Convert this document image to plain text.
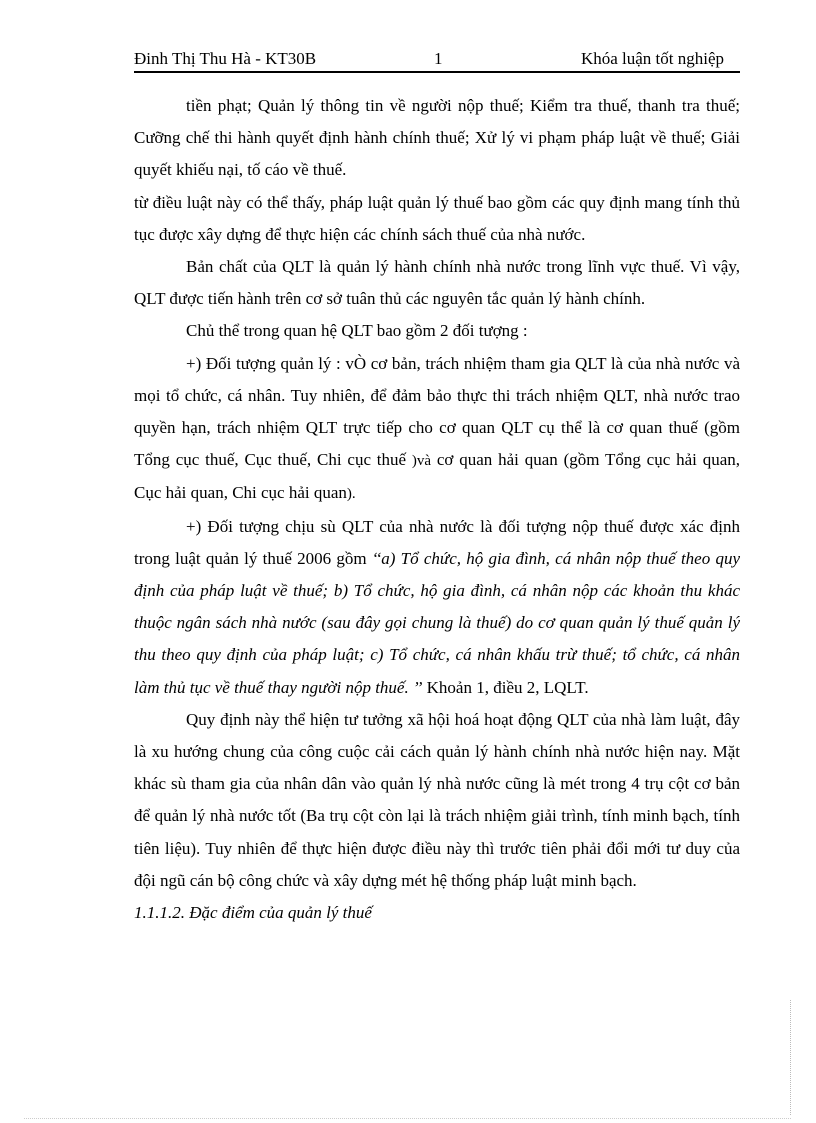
Đinh Thị Thu Hà - KT30B	1	Khóa luận tốt nghiệp

tiền phạt; Quản lý thông tin về người nộp thuế; Kiểm tra thuế, thanh tra thuế; Cưỡng chế thi hành quyết định hành chính thuế; Xử lý vi phạm pháp luật về thuế; Giải quyết khiếu nại, tố cáo về thuế.

từ điều luật này có thể thấy, pháp luật quản lý thuế bao gồm các quy định mang tính thủ tục được xây dựng để thực hiện các chính sách thuế của nhà nước.

Bản chất của QLT là quản lý hành chính nhà nước trong lĩnh vực thuế. Vì vậy, QLT được tiến hành trên cơ sở tuân thủ các nguyên tắc quản lý hành chính.

Chủ thể trong quan hệ QLT bao gồm 2 đối tượng :

+) Đối tượng quản lý : vÒ cơ bản, trách nhiệm tham gia QLT là của nhà nước và mọi tổ chức, cá nhân. Tuy nhiên, để đảm bảo thực thi trách nhiệm QLT, nhà nước trao quyền hạn, trách nhiệm QLT trực tiếp cho cơ quan QLT cụ thể là cơ quan thuế (gồm Tổng cục thuế, Cục thuế, Chi cục thuế )và cơ quan hải quan (gồm Tổng cục hải quan, Cục hải quan, Chi cục hải quan).

+) Đối tượng chịu sù QLT của nhà nước là đối tượng nộp thuế được xác định trong luật quản lý thuế 2006 gồm ‘‘a) Tổ chức, hộ gia đình, cá nhân nộp thuế theo quy định của pháp luật về thuế; b) Tổ chức, hộ gia đình, cá nhân nộp các khoản thu khác thuộc ngân sách nhà nước (sau đây gọi chung là thuế) do cơ quan quản lý thuế quản lý thu theo quy định của pháp luật; c) Tổ chức, cá nhân khấu trừ thuế; tổ chức, cá nhân làm thủ tục về thuế thay người nộp thuế. ’’ Khoản 1, điều 2, LQLT.

Quy định này thể hiện tư tưởng xã hội hoá hoạt động QLT của nhà làm luật, đây là xu hướng chung của công cuộc cải cách quản lý hành chính nhà nước hiện nay. Mặt khác sù tham gia của nhân dân vào quản lý nhà nước cũng là mét trong 4 trụ cột cơ bản để quản lý nhà nước tốt (Ba trụ cột còn lại là trách nhiệm giải trình, tính minh bạch, tính tiên liệu). Tuy nhiên để thực hiện được điều này thì trước tiên phải đổi mới tư duy của đội ngũ cán bộ công chức và xây dựng mét hệ thống pháp luật minh bạch.

1.1.1.2. Đặc điểm của quản lý thuế
